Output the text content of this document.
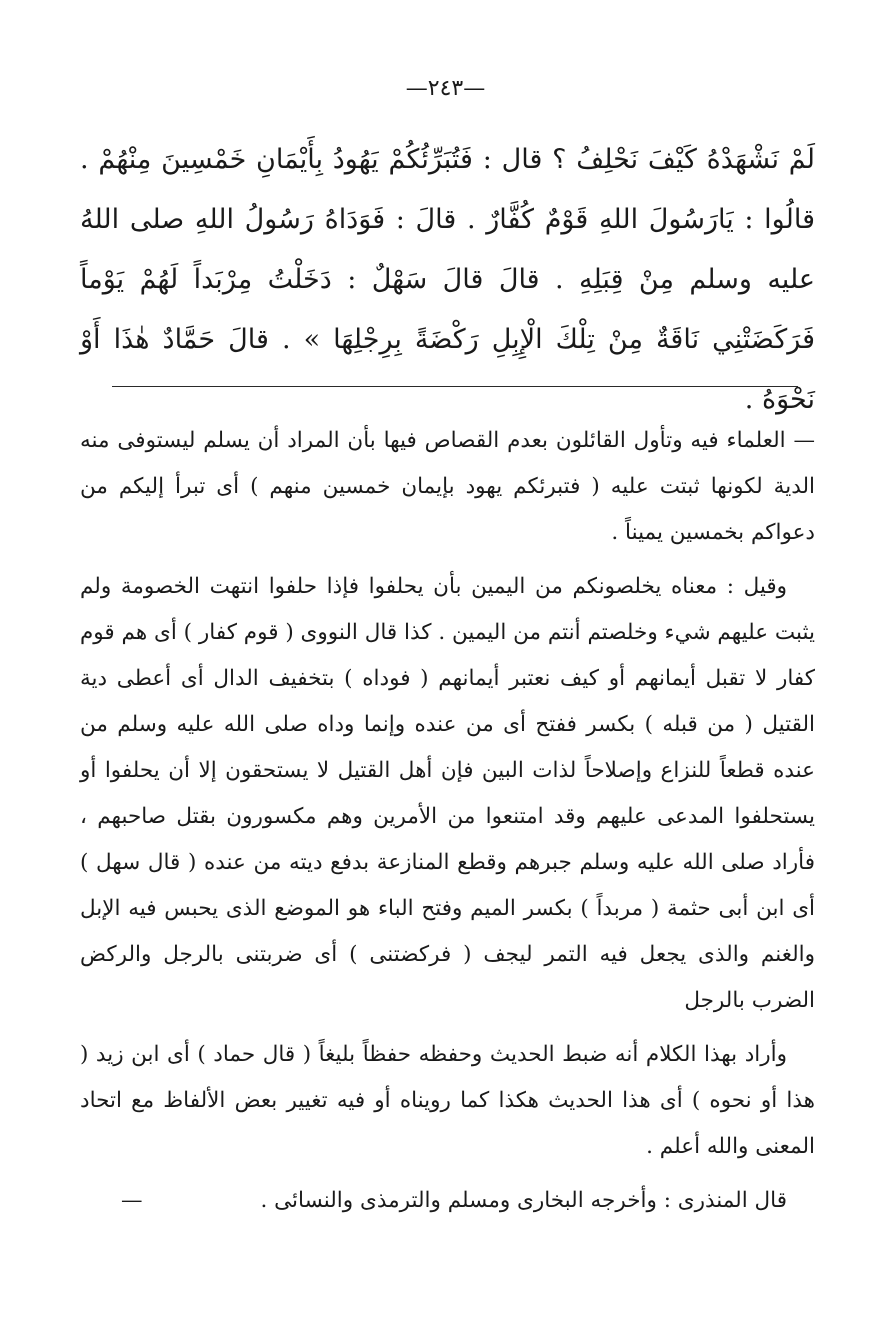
—٢٤٣—

لَمْ نَشْهَدْهُ كَيْفَ نَحْلِفُ ؟ قال : فَتُبَرِّئُكُمْ يَهُودُ بِأَيْمَانِ خَمْسِينَ مِنْهُمْ . قالُوا : يَارَسُولَ اللهِ قَوْمٌ كُفَّارٌ . قالَ : فَوَدَاهُ رَسُولُ اللهِ صلى اللهُ عليه وسلم مِنْ قِبَلِهِ . قالَ قالَ سَهْلٌ : دَخَلْتُ مِرْبَداً لَهُمْ يَوْماً فَرَكَضَتْنِي نَاقَةٌ مِنْ تِلْكَ الْإِبِلِ رَكْضَةً بِرِجْلِهَا » . قالَ حَمَّادٌ هٰذَا أَوْ نَحْوَهُ .

— العلماء فيه وتأول القائلون بعدم القصاص فيها بأن المراد أن يسلم ليستوفى منه الدية لكونها ثبتت عليه ( فتبرئكم يهود بإيمان خمسين منهم ) أى تبرأ إليكم من دعواكم بخمسين يميناً .

وقيل : معناه يخلصونكم من اليمين بأن يحلفوا فإذا حلفوا انتهت الخصومة ولم يثبت عليهم شيء وخلصتم أنتم من اليمين . كذا قال النووى ( قوم كفار ) أى هم قوم كفار لا تقبل أيمانهم أو كيف نعتبر أيمانهم ( فوداه ) بتخفيف الدال أى أعطى دية القتيل ( من قبله ) بكسر ففتح أى من عنده وإنما وداه صلى الله عليه وسلم من عنده قطعاً للنزاع وإصلاحاً لذات البين فإن أهل القتيل لا يستحقون إلا أن يحلفوا أو يستحلفوا المدعى عليهم وقد امتنعوا من الأمرين وهم مكسورون بقتل صاحبهم ، فأراد صلى الله عليه وسلم جبرهم وقطع المنازعة بدفع ديته من عنده ( قال سهل ) أى ابن أبى حثمة ( مربداً ) بكسر الميم وفتح الباء هو الموضع الذى يحبس فيه الإبل والغنم والذى يجعل فيه التمر ليجف ( فركضتنى ) أى ضربتنى بالرجل والركض الضرب بالرجل

وأراد بهذا الكلام أنه ضبط الحديث وحفظه حفظاً بليغاً ( قال حماد ) أى ابن زيد ( هذا أو نحوه ) أى هذا الحديث هكذا كما رويناه أو فيه تغيير بعض الألفاظ مع اتحاد المعنى والله أعلم .

قال المنذرى : وأخرجه البخارى ومسلم والترمذى والنسائى .—
